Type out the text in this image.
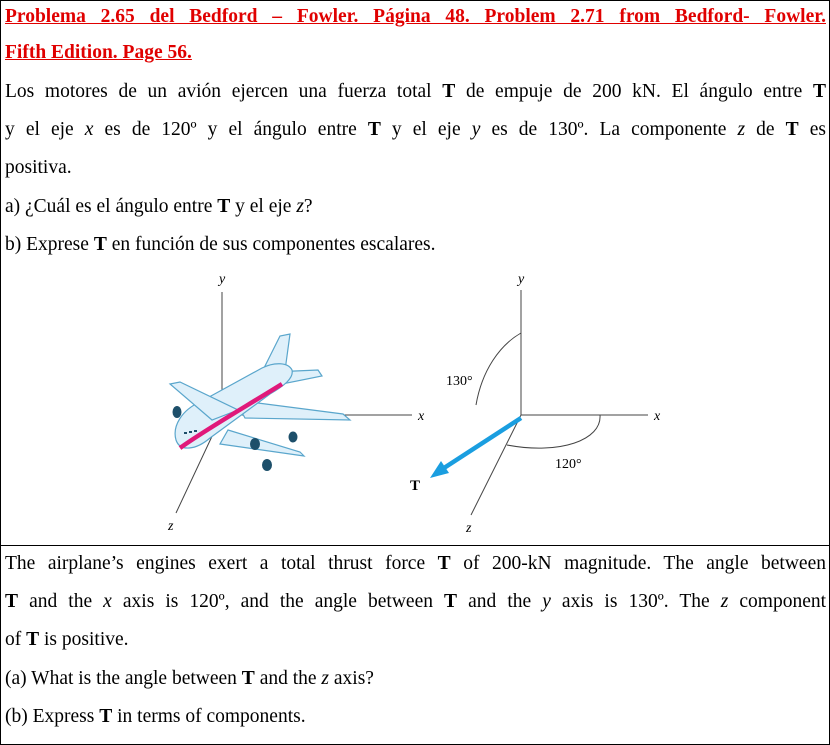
Problema 2.65 del Bedford – Fowler. Página 48. Problem 2.71 from Bedford- Fowler.
Fifth Edition. Page 56.
Los motores de un avión ejercen una fuerza total T de empuje de 200 kN. El ángulo entre T
y el eje x es de 120º y el ángulo entre T y el eje y es de 130º. La componente z de T es
positiva.
a) ¿Cuál es el ángulo entre T y el eje z?
b) Exprese T en función de sus componentes escalares.
y
x
z
T
y
x
z
130°
120°
The airplane’s engines exert a total thrust force T of 200-kN magnitude. The angle between
T and the x axis is 120º, and the angle between T and the y axis is 130º. The z component
of T is positive.
(a) What is the angle between T and the z axis?
(b) Express T in terms of components.
